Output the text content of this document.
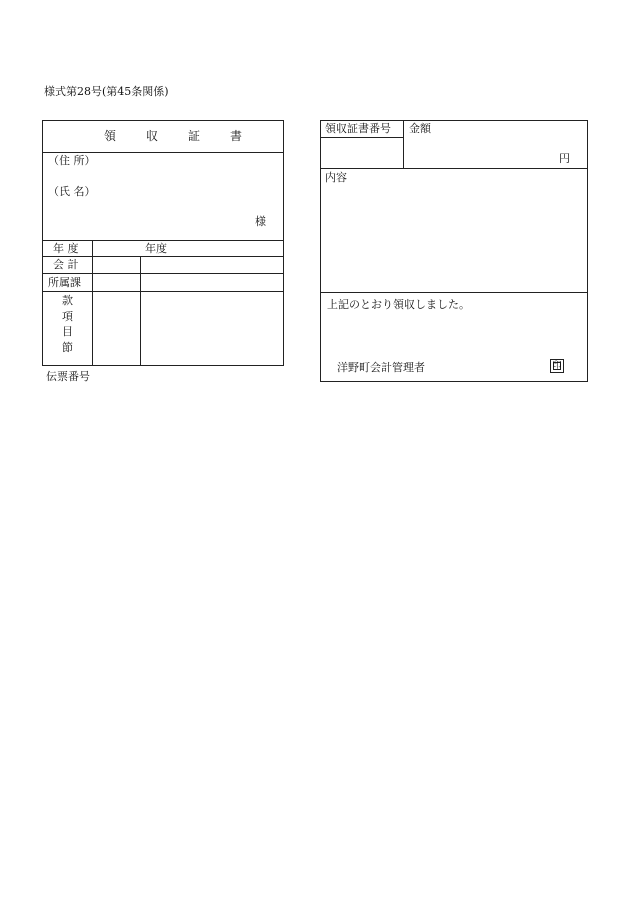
様式第28号(第45条関係)
領　　収　　証　　書
（住 所）
（氏 名）
様
年 度	年度
会 計
所属課
款
項
目
節
伝票番号
領収証書番号 金額
円
内容
上記のとおり領収しました。
洋野町会計管理者	印
